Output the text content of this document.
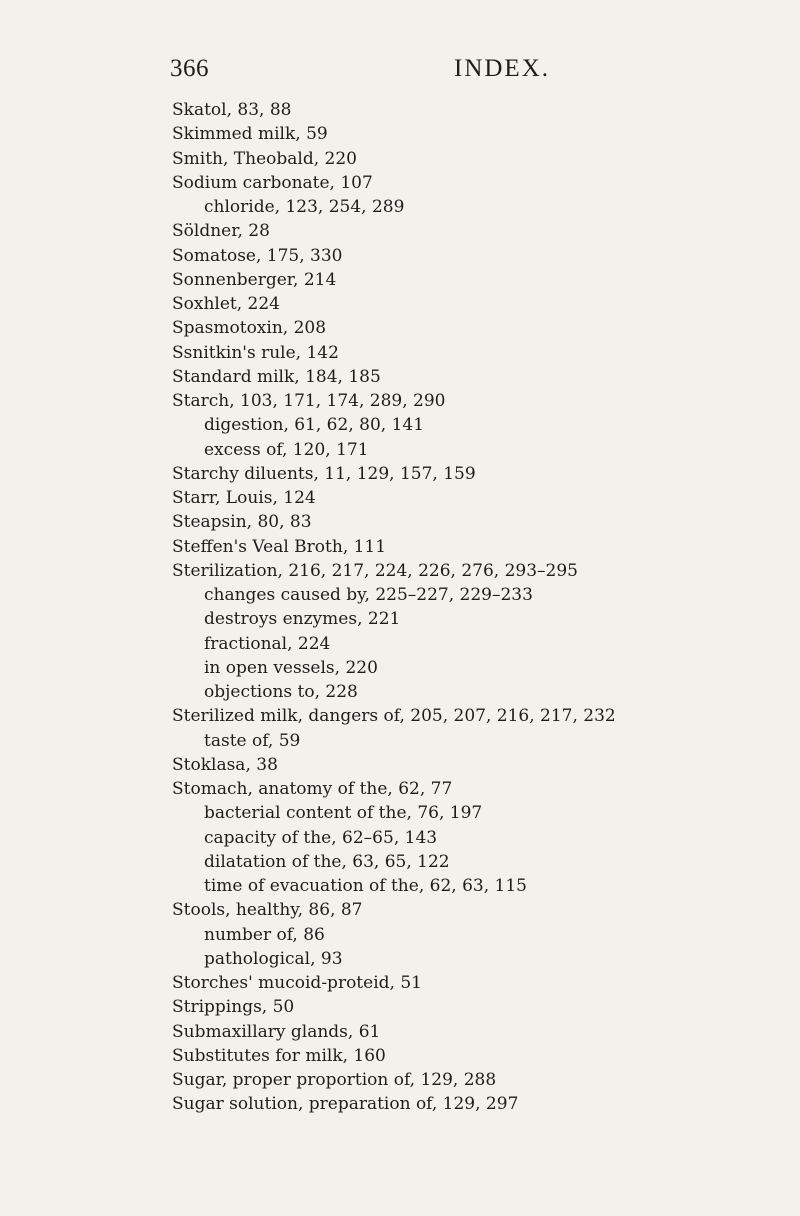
366	INDEX.
Skatol, 83, 88
Skimmed milk, 59
Smith, Theobald, 220
Sodium carbonate, 107
chloride, 123, 254, 289
Söldner, 28
Somatose, 175, 330
Sonnenberger, 214
Soxhlet, 224
Spasmotoxin, 208
Ssnitkin's rule, 142
Standard milk, 184, 185
Starch, 103, 171, 174, 289, 290
digestion, 61, 62, 80, 141
excess of, 120, 171
Starchy diluents, 11, 129, 157, 159
Starr, Louis, 124
Steapsin, 80, 83
Steffen's Veal Broth, 111
Sterilization, 216, 217, 224, 226, 276, 293–295
changes caused by, 225–227, 229–233
destroys enzymes, 221
fractional, 224
in open vessels, 220
objections to, 228
Sterilized milk, dangers of, 205, 207, 216, 217, 232
taste of, 59
Stoklasa, 38
Stomach, anatomy of the, 62, 77
bacterial content of the, 76, 197
capacity of the, 62–65, 143
dilatation of the, 63, 65, 122
time of evacuation of the, 62, 63, 115
Stools, healthy, 86, 87
number of, 86
pathological, 93
Storches' mucoid-proteid, 51
Strippings, 50
Submaxillary glands, 61
Substitutes for milk, 160
Sugar, proper proportion of, 129, 288
Sugar solution, preparation of, 129, 297
